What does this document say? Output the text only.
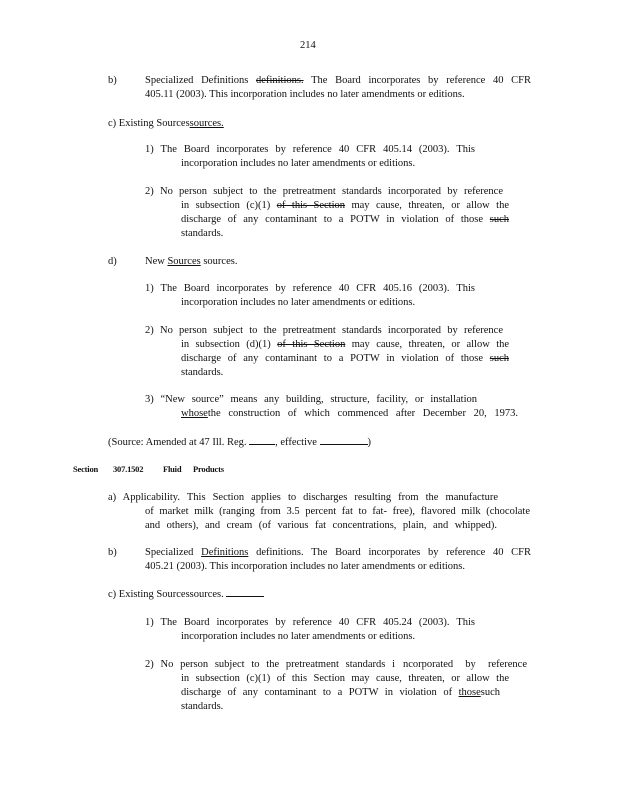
214
b)	Specialized Definitions definitions. The Board incorporates by reference 40 CFR
405.11 (2003). This incorporation includes no later amendments or editions.
c) Existing Sourcessources.
1) The Board incorporates by reference 40 CFR 405.14 (2003). This
incorporation includes no later amendments or editions.
2) No person subject to the pretreatment standards incorporated by reference
in subsection (c)(1) of this Section may cause, threaten, or allow the
discharge of any contaminant to a POTW in violation of those such
standards.
d)	New Sources sources.
1) The Board incorporates by reference 40 CFR 405.16 (2003). This
incorporation includes no later amendments or editions.
2) No person subject to the pretreatment standards incorporated by reference
in subsection (d)(1) of this Section may cause, threaten, or allow the
discharge of any contaminant to a POTW in violation of those such
standards.
3) “New source” means any building, structure, facility, or installation
whosethe construction of which commenced after December 20, 1973.
(Source: Amended at 47 Ill. Reg.	, effective	)
Section 307.1502 Fluid Products
a) Applicability. This Section applies to discharges resulting from the manufacture
of market milk (ranging from 3.5 percent fat to fat- free), flavored milk (chocolate
and others), and cream (of various fat concentrations, plain, and whipped).
b)	Specialized Definitions definitions. The Board incorporates by reference 40 CFR
405.21 (2003). This incorporation includes no later amendments or editions.
c) Existing Sourcessources.
1) The Board incorporates by reference 40 CFR 405.24 (2003). This
incorporation includes no later amendments or editions.
2) No person subject to the pretreatment standards i ncorporated by reference
in subsection (c)(1) of this Section may cause, threaten, or allow the
discharge of any contaminant to a POTW in violation of thosesuch
standards.
